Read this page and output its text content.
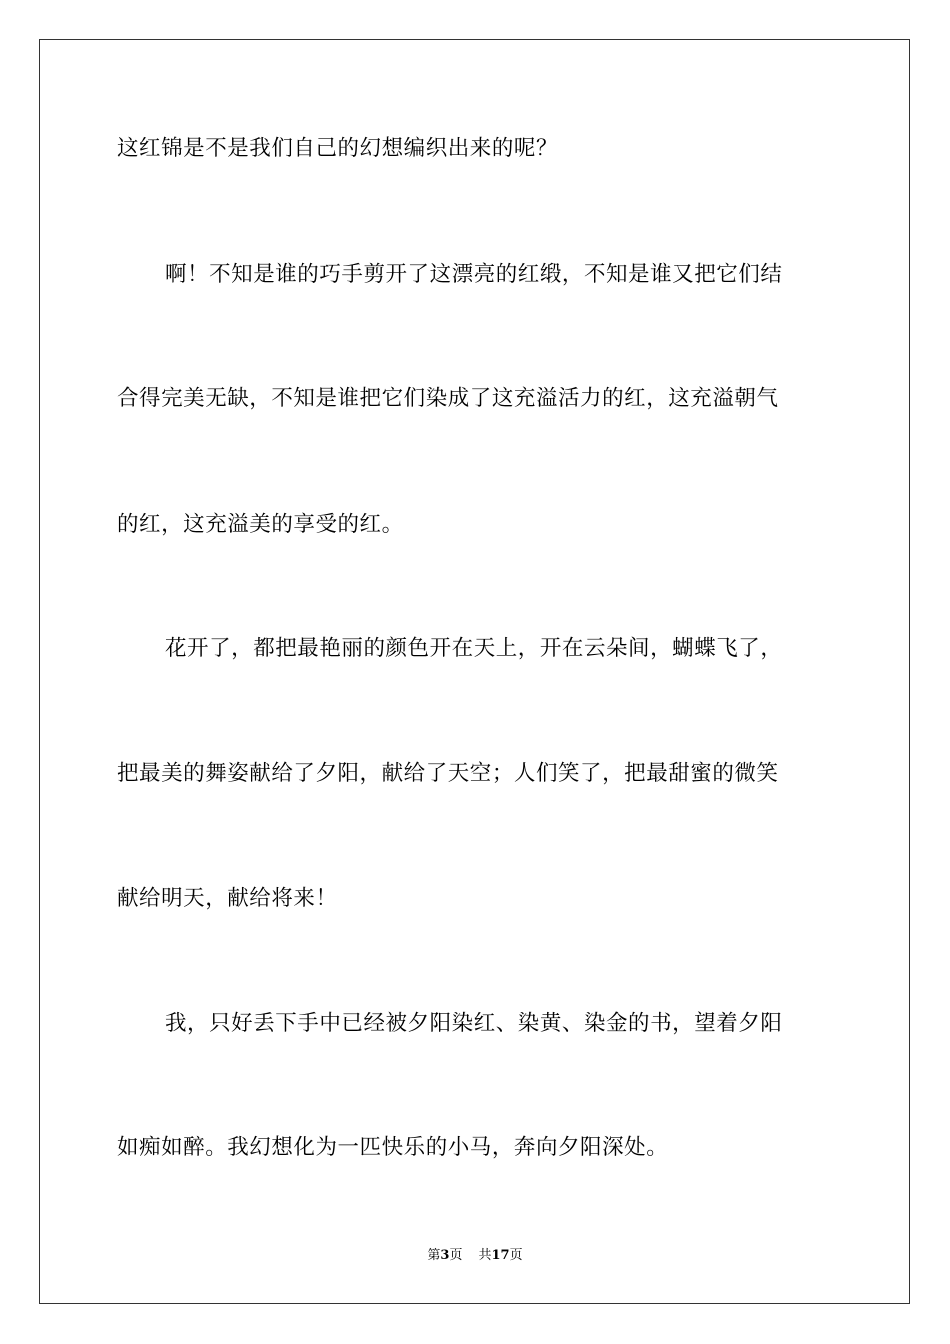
这红锦是不是我们自己的幻想编织出来的呢？
啊！不知是谁的巧手剪开了这漂亮的红缎，不知是谁又把它们结
合得完美无缺，不知是谁把它们染成了这充溢活力的红，这充溢朝气
的红，这充溢美的享受的红。
花开了，都把最艳丽的颜色开在天上，开在云朵间，蝴蝶飞了，
把最美的舞姿献给了夕阳，献给了天空；人们笑了，把最甜蜜的微笑
献给明天，献给将来！
我，只好丢下手中已经被夕阳染红、染黄、染金的书，望着夕阳
如痴如醉。我幻想化为一匹快乐的小马，奔向夕阳深处。
第3页 共17页
